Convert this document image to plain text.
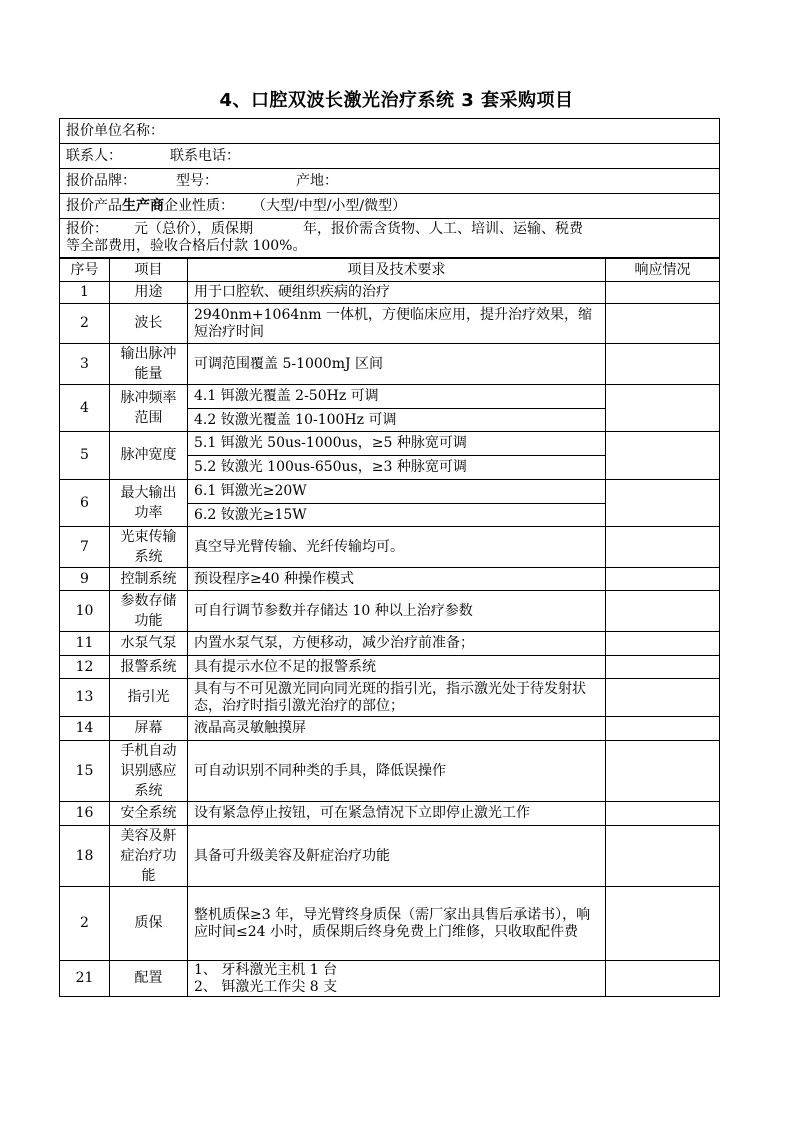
4、口腔双波长激光治疗系统 3 套采购项目
报价单位名称：
联系人：	联系电话：
报价品牌：	型号：	产地：
报价产品生产商企业性质： （大型/中型/小型/微型）
报价： 元（总价），质保期	年，报价需含货物、人工、培训、运输、税费
等全部费用，验收合格后付款 100%。
序号	项目	项目及技术要求	响应情况
1	用途	用于口腔软、硬组织疾病的治疗	
2	波长	2940nm+1064nm 一体机，方便临床应用，提升治疗效果，缩短治疗时间	
3	输出脉冲能量	可调范围覆盖 5-1000mJ 区间	
4	脉冲频率范围	4.1 铒激光覆盖 2-50Hz 可调	
		4.2 钕激光覆盖 10-100Hz 可调	
5	脉冲宽度	5.1 铒激光 50us-1000us，≥5 种脉宽可调	
		5.2 钕激光 100us-650us，≥3 种脉宽可调	
6	最大输出功率	6.1 铒激光≥20W	
		6.2 钕激光≥15W	
7	光束传输系统	真空导光臂传输、光纤传输均可。	
9	控制系统	预设程序≥40 种操作模式	
10	参数存储功能	可自行调节参数并存储达 10 种以上治疗参数	
11	水泵气泵	内置水泵气泵，方便移动，减少治疗前准备；	
12	报警系统	具有提示水位不足的报警系统	
13	指引光	具有与不可见激光同向同光斑的指引光，指示激光处于待发射状态，治疗时指引激光治疗的部位；	
14	屏幕	液晶高灵敏触摸屏	
15	手机自动识别感应系统	可自动识别不同种类的手具，降低误操作	
16	安全系统	设有紧急停止按钮，可在紧急情况下立即停止激光工作	
18	美容及鼾症治疗功能	具备可升级美容及鼾症治疗功能	
2	质保	整机质保≥3 年，导光臂终身质保（需厂家出具售后承诺书），响应时间≤24 小时，质保期后终身免费上门维修，只收取配件费	
21	配置	1、 牙科激光主机 1 台
2、 铒激光工作尖 8 支	
